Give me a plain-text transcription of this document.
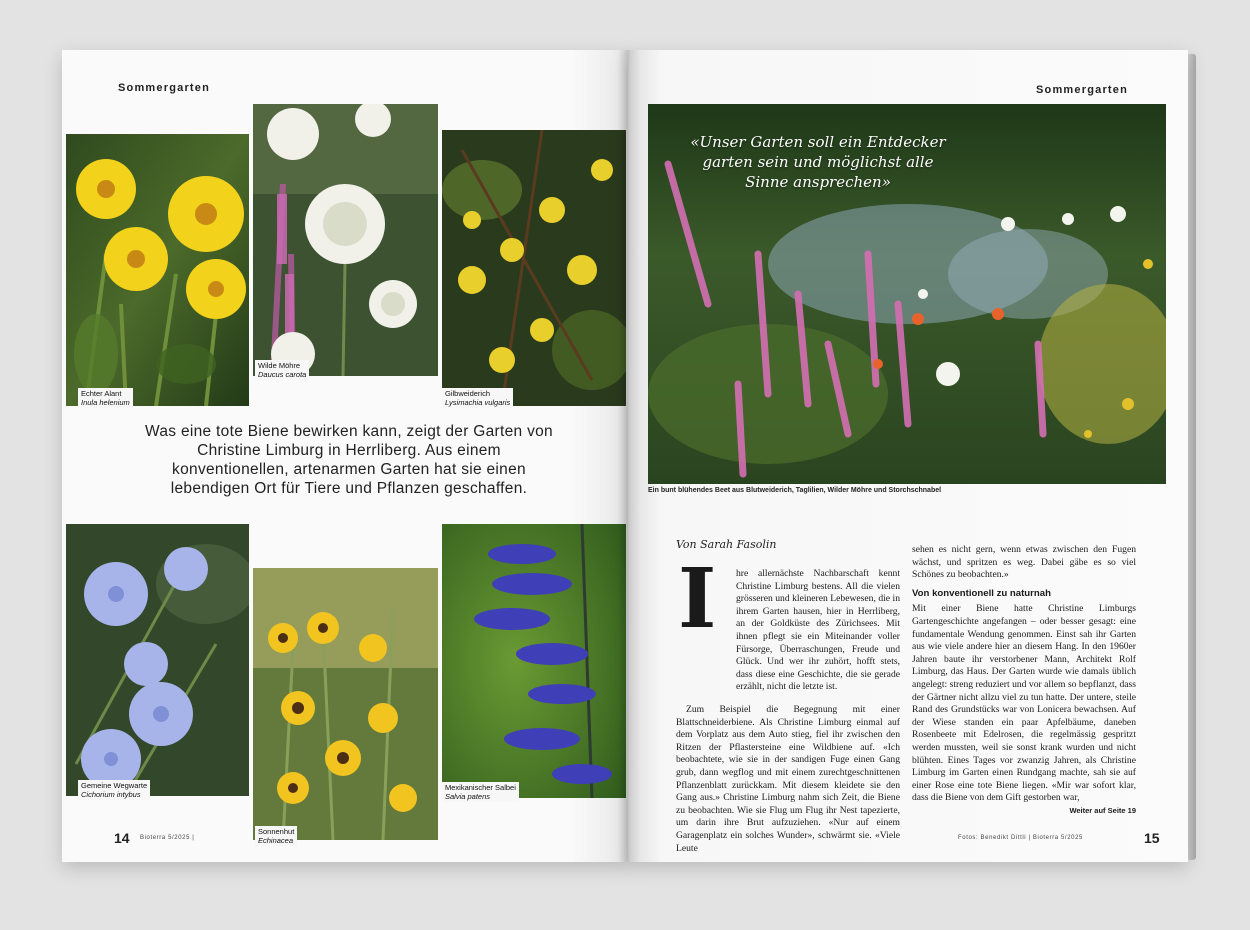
Sommergarten
Echter Alant
Inula helenium
Wilde Möhre
Daucus carota
Gilbweiderich
Lysimachia vulgaris
Was eine tote Biene bewirken kann, zeigt der Garten von Christine Limburg in Herrliberg. Aus einem konventionellen, artenarmen Garten hat sie einen lebendigen Ort für Tiere und Pflanzen geschaffen.
Gemeine Wegwarte
Cichorium intybus
Sonnenhut
Echinacea
Mexikanischer Salbei
Salvia patens
14 Bioterra 5/2025 |
Sommergarten
«Unser Garten soll ein Entdecker garten sein und möglichst alle Sinne ansprechen»
Ein bunt blühendes Beet aus Blutweiderich, Taglilien, Wilder Möhre und Storchschnabel
Von Sarah Fasolin
I hre allernächste Nachbarschaft kennt Christine Limburg bestens. All die vielen grösseren und kleineren Lebewesen, die in ihrem Garten hausen, hier in Herrliberg, an der Goldküste des Zürichsees. Mit ihnen pflegt sie ein Miteinander voller Fürsorge, Überraschungen, Freude und Glück. Und wer ihr zuhört, hofft stets, dass diese eine Geschichte, die sie gerade erzählt, nicht die letzte ist.

Zum Beispiel die Begegnung mit einer Blattschneiderbiene. Als Christine Limburg einmal auf dem Vorplatz aus dem Auto stieg, fiel ihr zwischen den Ritzen der Pflastersteine eine Wildbiene auf. «Ich beobachtete, wie sie in der sandigen Fuge einen Gang grub, dann wegflog und mit einem zurechtgeschnittenen Pflanzenblatt zurückkam. Mit diesem kleidete sie den Gang aus.» Christine Limburg nahm sich Zeit, die Biene zu beobachten. Wie sie Flug um Flug ihr Nest tapezierte, um darin ihre Brut aufzuziehen. «Nur auf einem Garagenplatz ein solches Wunder», schwärmt sie. «Viele Leute

sehen es nicht gern, wenn etwas zwischen den Fugen wächst, und spritzen es weg. Dabei gäbe es so viel Schönes zu beobachten.»

Von konventionell zu naturnah

Mit einer Biene hatte Christine Limburgs Gartengeschichte angefangen – oder besser gesagt: eine fundamentale Wendung genommen. Einst sah ihr Garten aus wie viele andere hier an diesem Hang. In den 1960er Jahren baute ihr verstorbener Mann, Architekt Rolf Limburg, das Haus. Der Garten wurde wie damals üblich angelegt: streng reduziert und vor allem so bepflanzt, dass der Gärtner nicht allzu viel zu tun hatte. Der untere, steile Rand des Grundstücks war von Lonicera bewachsen. Auf der Wiese standen ein paar Apfelbäume, daneben Rosenbeete mit Edelrosen, die regelmässig gespritzt werden mussten, weil sie sonst krank wurden und nicht blühten. Eines Tages vor zwanzig Jahren, als Christine Limburg im Garten einen Rundgang machte, sah sie auf einer Rose eine tote Biene liegen. «Mir war sofort klar, dass die Biene von dem Gift gestorben war,

Weiter auf Seite 19
Fotos: Benedikt Dittli | Bioterra 5/2025	15
